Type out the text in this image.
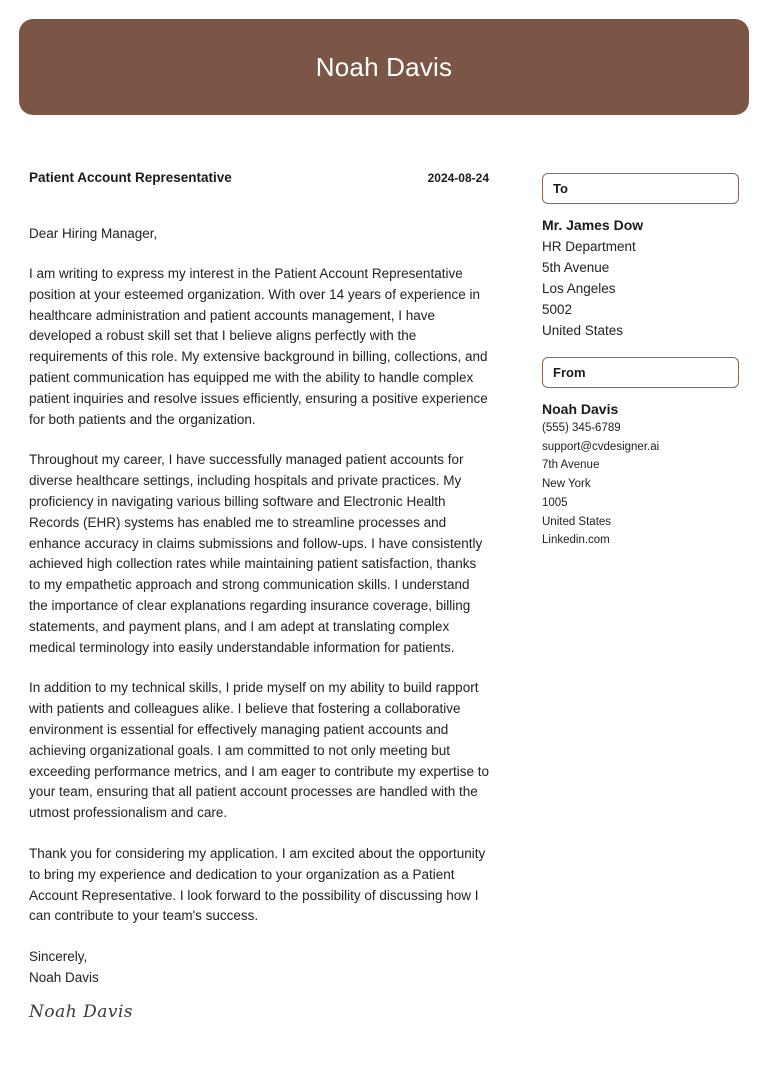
Noah Davis
Patient Account Representative	2024-08-24
Dear Hiring Manager,
I am writing to express my interest in the Patient Account Representative position at your esteemed organization. With over 14 years of experience in healthcare administration and patient accounts management, I have developed a robust skill set that I believe aligns perfectly with the requirements of this role. My extensive background in billing, collections, and patient communication has equipped me with the ability to handle complex patient inquiries and resolve issues efficiently, ensuring a positive experience for both patients and the organization.
Throughout my career, I have successfully managed patient accounts for diverse healthcare settings, including hospitals and private practices. My proficiency in navigating various billing software and Electronic Health Records (EHR) systems has enabled me to streamline processes and enhance accuracy in claims submissions and follow-ups. I have consistently achieved high collection rates while maintaining patient satisfaction, thanks to my empathetic approach and strong communication skills. I understand the importance of clear explanations regarding insurance coverage, billing statements, and payment plans, and I am adept at translating complex medical terminology into easily understandable information for patients.
In addition to my technical skills, I pride myself on my ability to build rapport with patients and colleagues alike. I believe that fostering a collaborative environment is essential for effectively managing patient accounts and achieving organizational goals. I am committed to not only meeting but exceeding performance metrics, and I am eager to contribute my expertise to your team, ensuring that all patient account processes are handled with the utmost professionalism and care.
Thank you for considering my application. I am excited about the opportunity to bring my experience and dedication to your organization as a Patient Account Representative. I look forward to the possibility of discussing how I can contribute to your team's success.
Sincerely,
Noah Davis
Noah Davis
To
Mr. James Dow
HR Department
5th Avenue
Los Angeles
5002
United States
From
Noah Davis
(555) 345-6789
support@cvdesigner.ai
7th Avenue
New York
1005
United States
Linkedin.com
